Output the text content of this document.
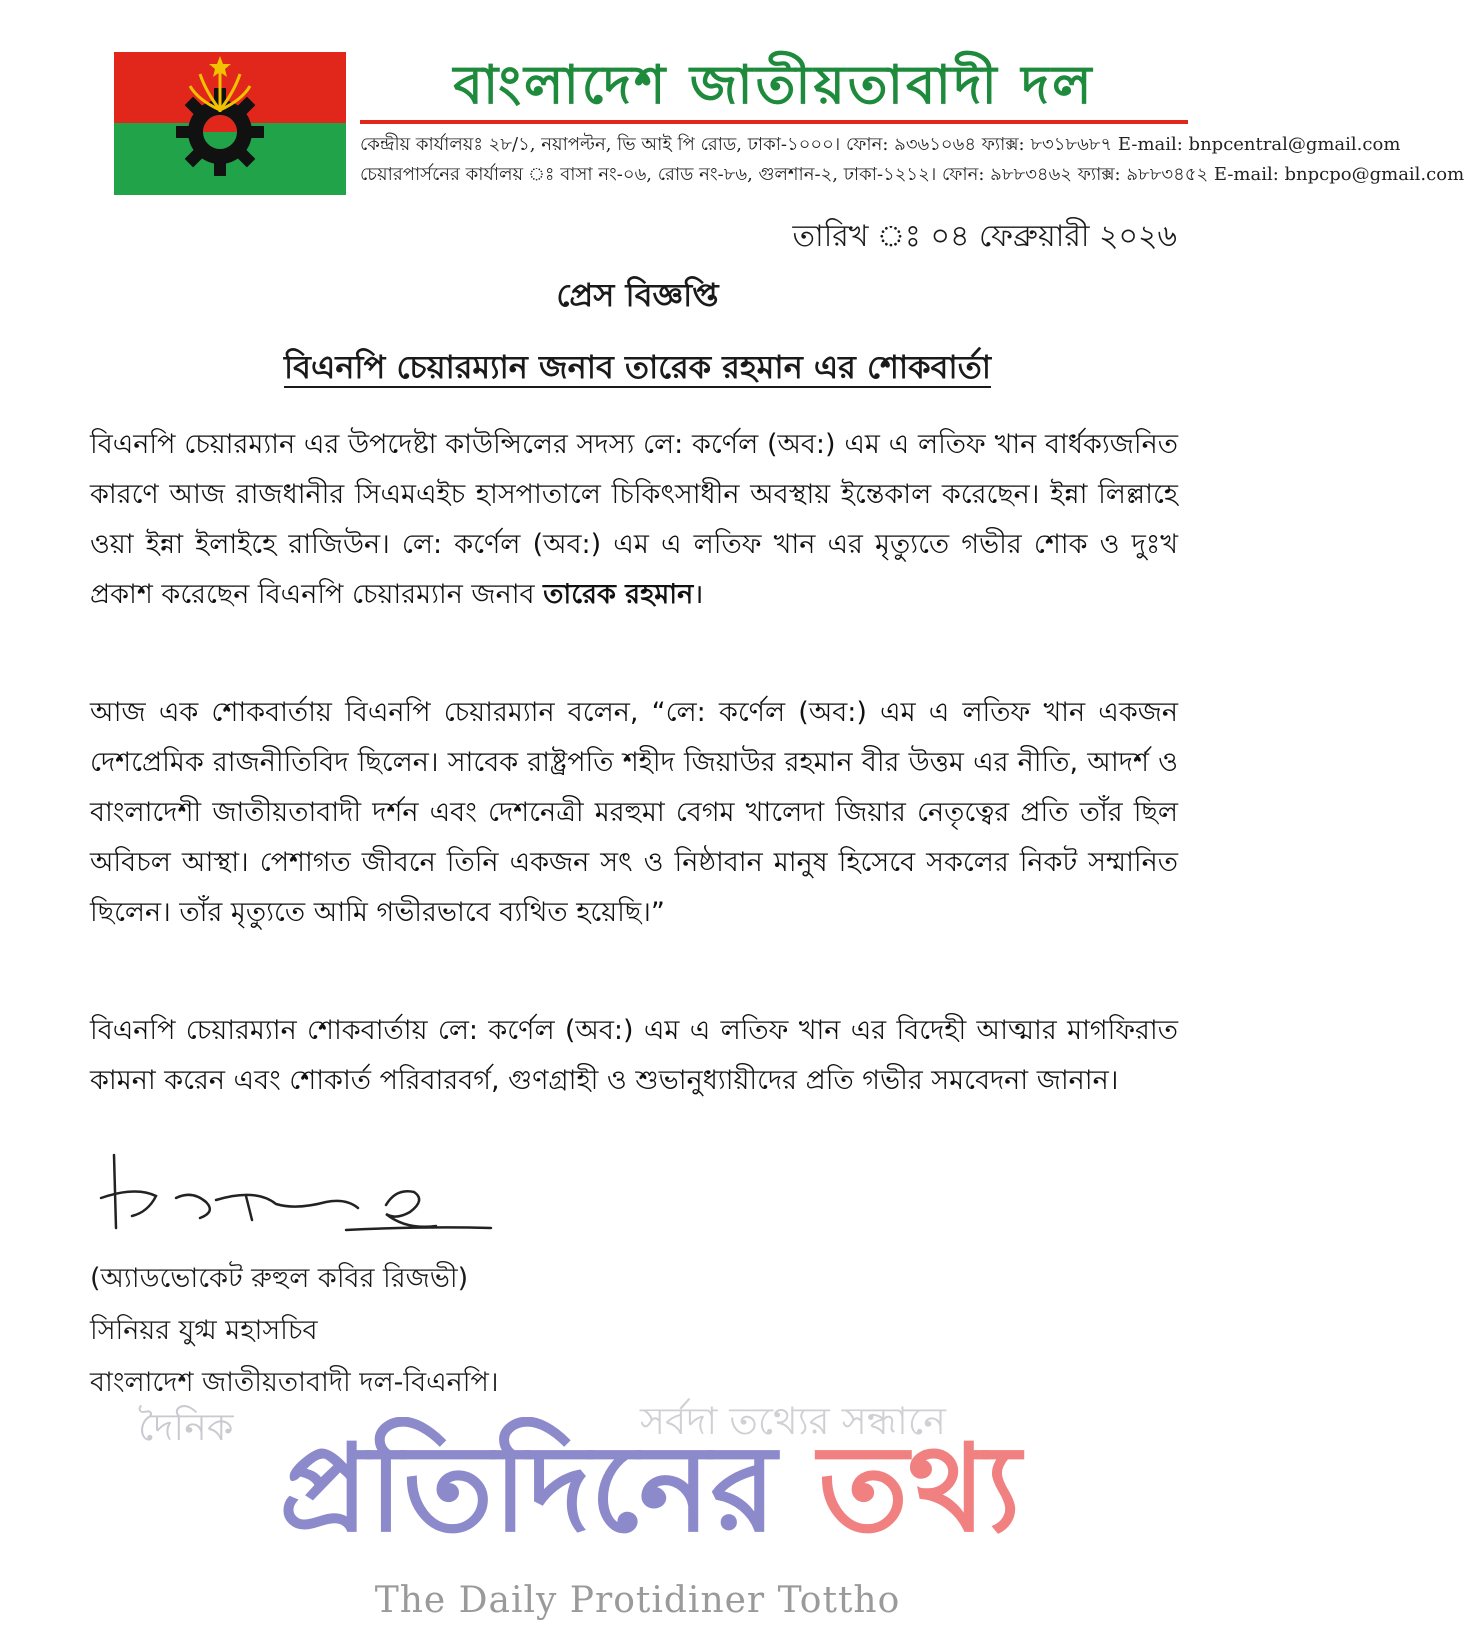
বাংলাদেশ জাতীয়তাবাদী দল
কেন্দ্রীয় কার্যালয়ঃ ২৮/১, নয়াপল্টন, ভি আই পি রোড, ঢাকা-১০০০। ফোন: ৯৩৬১০৬৪ ফ্যাক্স: ৮৩১৮৬৮৭ E-mail: bnpcentral@gmail.com
চেয়ারপার্সনের কার্যালয় ঃ বাসা নং-০৬, রোড নং-৮৬, গুলশান-২, ঢাকা-১২১২। ফোন: ৯৮৮৩৪৬২ ফ্যাক্স: ৯৮৮৩৪৫২ E-mail: bnpcpo@gmail.com
তারিখ ঃ ০৪ ফেব্রুয়ারী ২০২৬
প্রেস বিজ্ঞপ্তি
বিএনপি চেয়ারম্যান জনাব তারেক রহমান এর শোকবার্তা
বিএনপি চেয়ারম্যান এর উপদেষ্টা কাউন্সিলের সদস্য লে: কর্ণেল (অব:) এম এ লতিফ খান বার্ধক্যজনিত কারণে আজ রাজধানীর সিএমএইচ হাসপাতালে চিকিৎসাধীন অবস্থায় ইন্তেকাল করেছেন। ইন্না লিল্লাহে ওয়া ইন্না ইলাইহে রাজিউন। লে: কর্ণেল (অব:) এম এ লতিফ খান এর মৃত্যুতে গভীর শোক ও দুঃখ প্রকাশ করেছেন বিএনপি চেয়ারম্যান জনাব তারেক রহমান।
আজ এক শোকবার্তায় বিএনপি চেয়ারম্যান বলেন, “লে: কর্ণেল (অব:) এম এ লতিফ খান একজন দেশপ্রেমিক রাজনীতিবিদ ছিলেন। সাবেক রাষ্ট্রপতি শহীদ জিয়াউর রহমান বীর উত্তম এর নীতি, আদর্শ ও বাংলাদেশী জাতীয়তাবাদী দর্শন এবং দেশনেত্রী মরহুমা বেগম খালেদা জিয়ার নেতৃত্বের প্রতি তাঁর ছিল অবিচল আস্থা। পেশাগত জীবনে তিনি একজন সৎ ও নিষ্ঠাবান মানুষ হিসেবে সকলের নিকট সম্মানিত ছিলেন। তাঁর মৃত্যুতে আমি গভীরভাবে ব্যথিত হয়েছি।”
বিএনপি চেয়ারম্যান শোকবার্তায় লে: কর্ণেল (অব:) এম এ লতিফ খান এর বিদেহী আত্মার মাগফিরাত কামনা করেন এবং শোকার্ত পরিবারবর্গ, গুণগ্রাহী ও শুভানুধ্যায়ীদের প্রতি গভীর সমবেদনা জানান।
(অ্যাডভোকেট রুহুল কবির রিজভী)
সিনিয়র যুগ্ম মহাসচিব
বাংলাদেশ জাতীয়তাবাদী দল-বিএনপি।
দৈনিক	সর্বদা তথ্যের সন্ধানে
প্রতিদিনের তথ্য
The Daily Protidiner Tottho
